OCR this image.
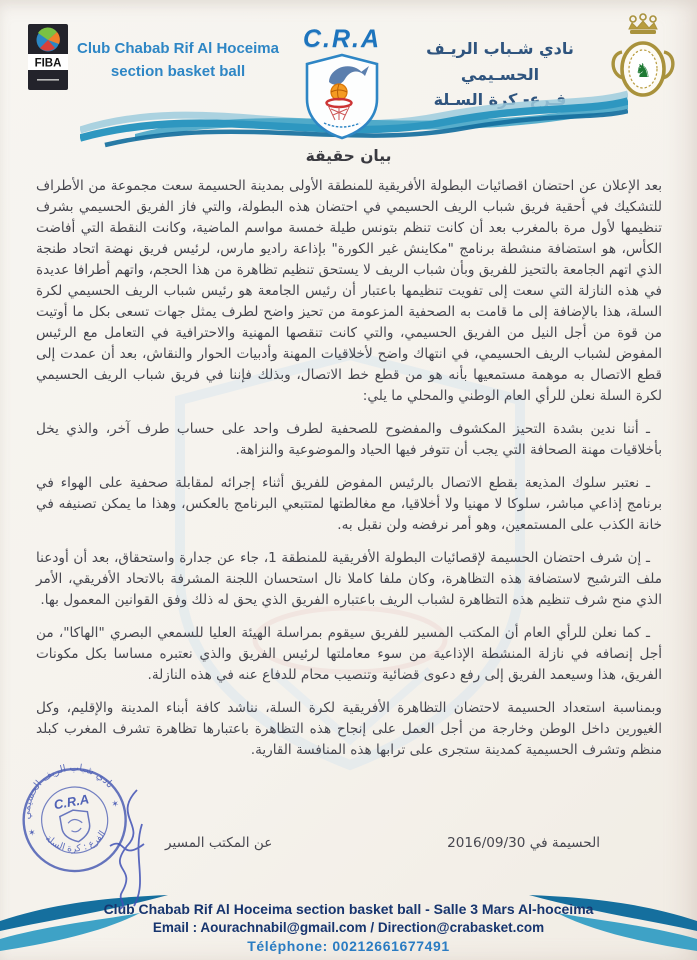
FIBA
Club Chabab Rif Al Hoceima
section basket ball
C.R.A	نادي شـباب الريـف الحسـيمي
فـرع- كرة السـلة
♞
بيان حقيقة

بعد الإعلان عن احتضان اقصائيات البطولة الأفريقية للمنطقة الأولى بمدينة الحسيمة سعت مجموعة من الأطراف للتشكيك في أحقية فريق شباب الريف الحسيمي في احتضان هذه البطولة، والتي فاز الفريق الحسيمي بشرف تنظيمها لأول مرة بالمغرب بعد أن كانت تنظم بتونس طيلة خمسة مواسم الماضية، وكانت النقطة التي أفاضت الكأس، هو استضافة منشطة برنامج "مكاينش غير الكورة" بإذاعة راديو مارس، لرئيس فريق نهضة اتحاد طنجة الذي اتهم الجامعة بالتحيز للفريق وبأن شباب الريف لا يستحق تنظيم تظاهرة من هذا الحجم، واتهم أطرافا عديدة في هذه النازلة التي سعت إلى تفويت تنظيمها باعتبار أن رئيس الجامعة هو رئيس شباب الريف الحسيمي لكرة السلة، هذا بالإضافة إلى ما قامت به الصحفية المزعومة من تحيز واضح لطرف يمثل جهات تسعى بكل ما أوتيت من قوة من أجل النيل من الفريق الحسيمي، والتي كانت تنقصها المهنية والاحترافية في التعامل مع الرئيس المفوض لشباب الريف الحسيمي، في انتهاك واضح لأخلاقيات المهنة وأدبيات الحوار والنقاش، بعد أن عمدت إلى قطع الاتصال به موهمة مستمعيها بأنه هو من قطع خط الاتصال، وبذلك فإننا في فريق شباب الريف الحسيمي لكرة السلة نعلن للرأي العام الوطني والمحلي ما يلي:

ـ أننا ندين بشدة التحيز المكشوف والمفضوح للصحفية لطرف واحد على حساب طرف آخر، والذي يخل بأخلاقيات مهنة الصحافة التي يجب أن تتوفر فيها الحياد والموضوعية والنزاهة.

ـ نعتبر سلوك المذيعة بقطع الاتصال بالرئيس المفوض للفريق أثناء إجرائه لمقابلة صحفية على الهواء في برنامج إذاعي مباشر، سلوكا لا مهنيا ولا أخلاقيا، مع مغالطتها لمتتبعي البرنامج بالعكس، وهذا ما يمكن تصنيفه في خانة الكذب على المستمعين، وهو أمر نرفضه ولن نقبل به.

ـ إن شرف احتضان الحسيمة لإقصائيات البطولة الأفريقية للمنطقة 1، جاء عن جدارة واستحقاق، بعد أن أودعنا ملف الترشيح لاستضافة هذه التظاهرة، وكان ملفا كاملا نال استحسان اللجنة المشرفة بالاتحاد الأفريقي، الأمر الذي منح شرف تنظيم هذه التظاهرة لشباب الريف باعتباره الفريق الذي يحق له ذلك وفق القوانين المعمول بها.

ـ كما نعلن للرأي العام أن المكتب المسير للفريق سيقوم بمراسلة الهيئة العليا للسمعي البصري "الهاكا"، من أجل إنصافه في نازلة المنشطة الإذاعية من سوء معاملتها لرئيس الفريق والذي نعتبره مساسا بكل مكونات الفريق، هذا وسيعمد الفريق إلى رفع دعوى قضائية وتنصيب محام للدفاع عنه في هذه النازلة.

وبمناسبة استعداد الحسيمة لاحتضان التظاهرة الأفريقية لكرة السلة، نناشد كافة أبناء المدينة والإقليم، وكل الغيورين داخل الوطن وخارجة من أجل العمل على إنجاح هذه التظاهرة باعتبارها تظاهرة تشرف المغرب كبلد منظم وتشرف الحسيمية كمدينة ستجرى على ترابها هذه المنافسة القارية.

الحسيمة في 2016/09/30
عن المكتب المسير
نادي شباب الريف الحسيمي
الفرع : كرة السلة
✶
✶
C.R.A
Club Chabab Rif Al Hoceima section basket ball - Salle 3 Mars Al-hoceima
Email : Aourachnabil@gmail.com / Direction@crabasket.com
Téléphone: 00212661677491
